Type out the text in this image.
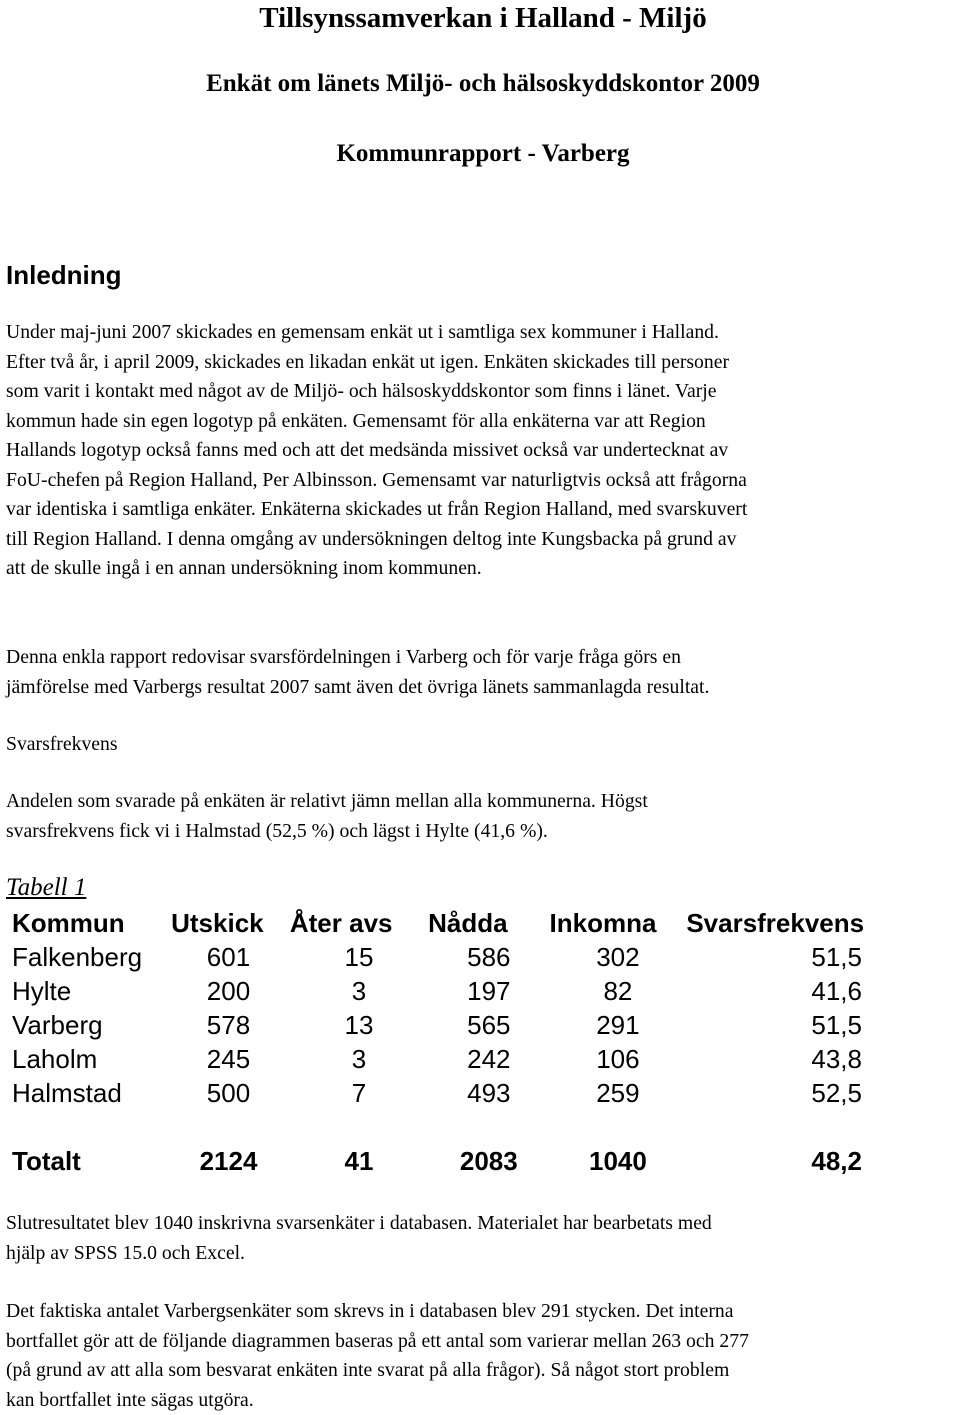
Tillsynssamverkan i Halland - Miljö
Enkät om länets Miljö- och hälsoskyddskontor 2009
Kommunrapport - Varberg
Inledning
Under maj-juni 2007 skickades en gemensam enkät ut i samtliga sex kommuner i Halland.
Efter två år, i april 2009, skickades en likadan enkät ut igen. Enkäten skickades till personer
som varit i kontakt med något av de Miljö- och hälsoskyddskontor som finns i länet. Varje
kommun hade sin egen logotyp på enkäten. Gemensamt för alla enkäterna var att Region
Hallands logotyp också fanns med och att det medsända missivet också var undertecknat av
FoU-chefen på Region Halland, Per Albinsson. Gemensamt var naturligtvis också att frågorna
var identiska i samtliga enkäter. Enkäterna skickades ut från Region Halland, med svarskuvert
till Region Halland. I denna omgång av undersökningen deltog inte Kungsbacka på grund av
att de skulle ingå i en annan undersökning inom kommunen.
Denna enkla rapport redovisar svarsfördelningen i Varberg och för varje fråga görs en
jämförelse med Varbergs resultat 2007 samt även det övriga länets sammanlagda resultat.
Svarsfrekvens
Andelen som svarade på enkäten är relativt jämn mellan alla kommunerna. Högst
svarsfrekvens fick vi i Halmstad (52,5 %) och lägst i Hylte (41,6 %).
Tabell 1
Kommun	Utskick	Åter avs	Nådda	Inkomna	Svarsfrekvens
Falkenberg	601	15	586	302	51,5
Hylte	200	3	197	82	41,6
Varberg	578	13	565	291	51,5
Laholm	245	3	242	106	43,8
Halmstad	500	7	493	259	52,5

Totalt	2124	41	2083	1040	48,2
Slutresultatet blev 1040 inskrivna svarsenkäter i databasen. Materialet har bearbetats med
hjälp av SPSS 15.0 och Excel.
Det faktiska antalet Varbergsenkäter som skrevs in i databasen blev 291 stycken. Det interna
bortfallet gör att de följande diagrammen baseras på ett antal som varierar mellan 263 och 277
(på grund av att alla som besvarat enkäten inte svarat på alla frågor). Så något stort problem
kan bortfallet inte sägas utgöra.
